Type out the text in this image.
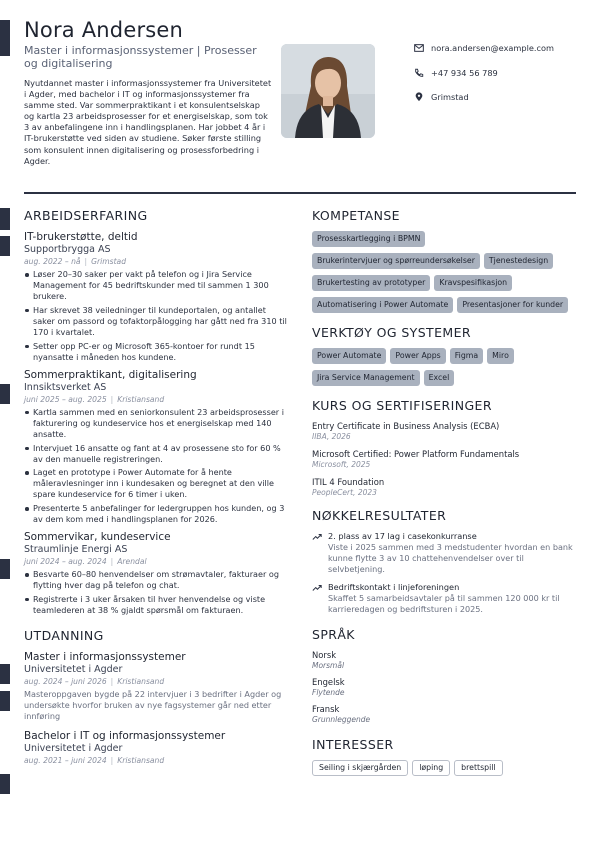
Nora Andersen
Master i informasjonssystemer | Prosesser og digitalisering
Nyutdannet master i informasjonssystemer fra Universitetet i Agder, med bachelor i IT og informasjonssystemer fra samme sted. Var sommerpraktikant i et konsulentselskap og kartla 23 arbeidsprosesser for et energiselskap, som tok 3 av anbefalingene inn i handlingsplanen. Har jobbet 4 år i IT-brukerstøtte ved siden av studiene. Søker første stilling som konsulent innen digitalisering og prosessforbedring i Agder.
nora.andersen@example.com
+47 934 56 789
Grimstad
ARBEIDSERFARING
IT-brukerstøtte, deltid
Supportbrygga AS
aug. 2022 – nå | Grimstad
Løser 20–30 saker per vakt på telefon og i Jira Service Management for 45 bedriftskunder med til sammen 1 300 brukere.
Har skrevet 38 veiledninger til kundeportalen, og antallet saker om passord og tofaktorpålogging har gått ned fra 310 til 170 i kvartalet.
Setter opp PC-er og Microsoft 365-kontoer for rundt 15 nyansatte i måneden hos kundene.
Sommerpraktikant, digitalisering
Innsiktsverket AS
juni 2025 – aug. 2025 | Kristiansand
Kartla sammen med en seniorkonsulent 23 arbeidsprosesser i fakturering og kundeservice hos et energiselskap med 140 ansatte.
Intervjuet 16 ansatte og fant at 4 av prosessene sto for 60 % av den manuelle registreringen.
Laget en prototype i Power Automate for å hente måleravlesninger inn i kundesaken og beregnet at den ville spare kundeservice for 6 timer i uken.
Presenterte 5 anbefalinger for ledergruppen hos kunden, og 3 av dem kom med i handlingsplanen for 2026.
Sommervikar, kundeservice
Straumlinje Energi AS
juni 2024 – aug. 2024 | Arendal
Besvarte 60–80 henvendelser om strømavtaler, fakturaer og flytting hver dag på telefon og chat.
Registrerte i 3 uker årsaken til hver henvendelse og viste teamlederen at 38 % gjaldt spørsmål om fakturaen.
UTDANNING
Master i informasjonssystemer
Universitetet i Agder
aug. 2024 – juni 2026 | Kristiansand
Masteroppgaven bygde på 22 intervjuer i 3 bedrifter i Agder og undersøkte hvorfor bruken av nye fagsystemer går ned etter innføring
Bachelor i IT og informasjonssystemer
Universitetet i Agder
aug. 2021 – juni 2024 | Kristiansand
KOMPETANSE
Prosesskartlegging i BPMN
Brukerintervjuer og spørreundersøkelser	Tjenestedesign
Brukertesting av prototyper	Kravspesifikasjon
Automatisering i Power Automate	Presentasjoner for kunder
VERKTØY OG SYSTEMER
Power Automate	Power Apps	Figma	Miro
Jira Service Management	Excel
KURS OG SERTIFISERINGER
Entry Certificate in Business Analysis (ECBA)
IIBA, 2026
Microsoft Certified: Power Platform Fundamentals
Microsoft, 2025
ITIL 4 Foundation
PeopleCert, 2023
NØKKELRESULTATER
2. plass av 17 lag i casekonkurranse
Viste i 2025 sammen med 3 medstudenter hvordan en bank kunne flytte 3 av 10 chattehenvendelser over til selvbetjening.
Bedriftskontakt i linjeforeningen
Skaffet 5 samarbeidsavtaler på til sammen 120 000 kr til karrieredagen og bedriftsturen i 2025.
SPRÅK
Norsk
Morsmål
Engelsk
Flytende
Fransk
Grunnleggende
INTERESSER
Seiling i skjærgården	løping	brettspill
